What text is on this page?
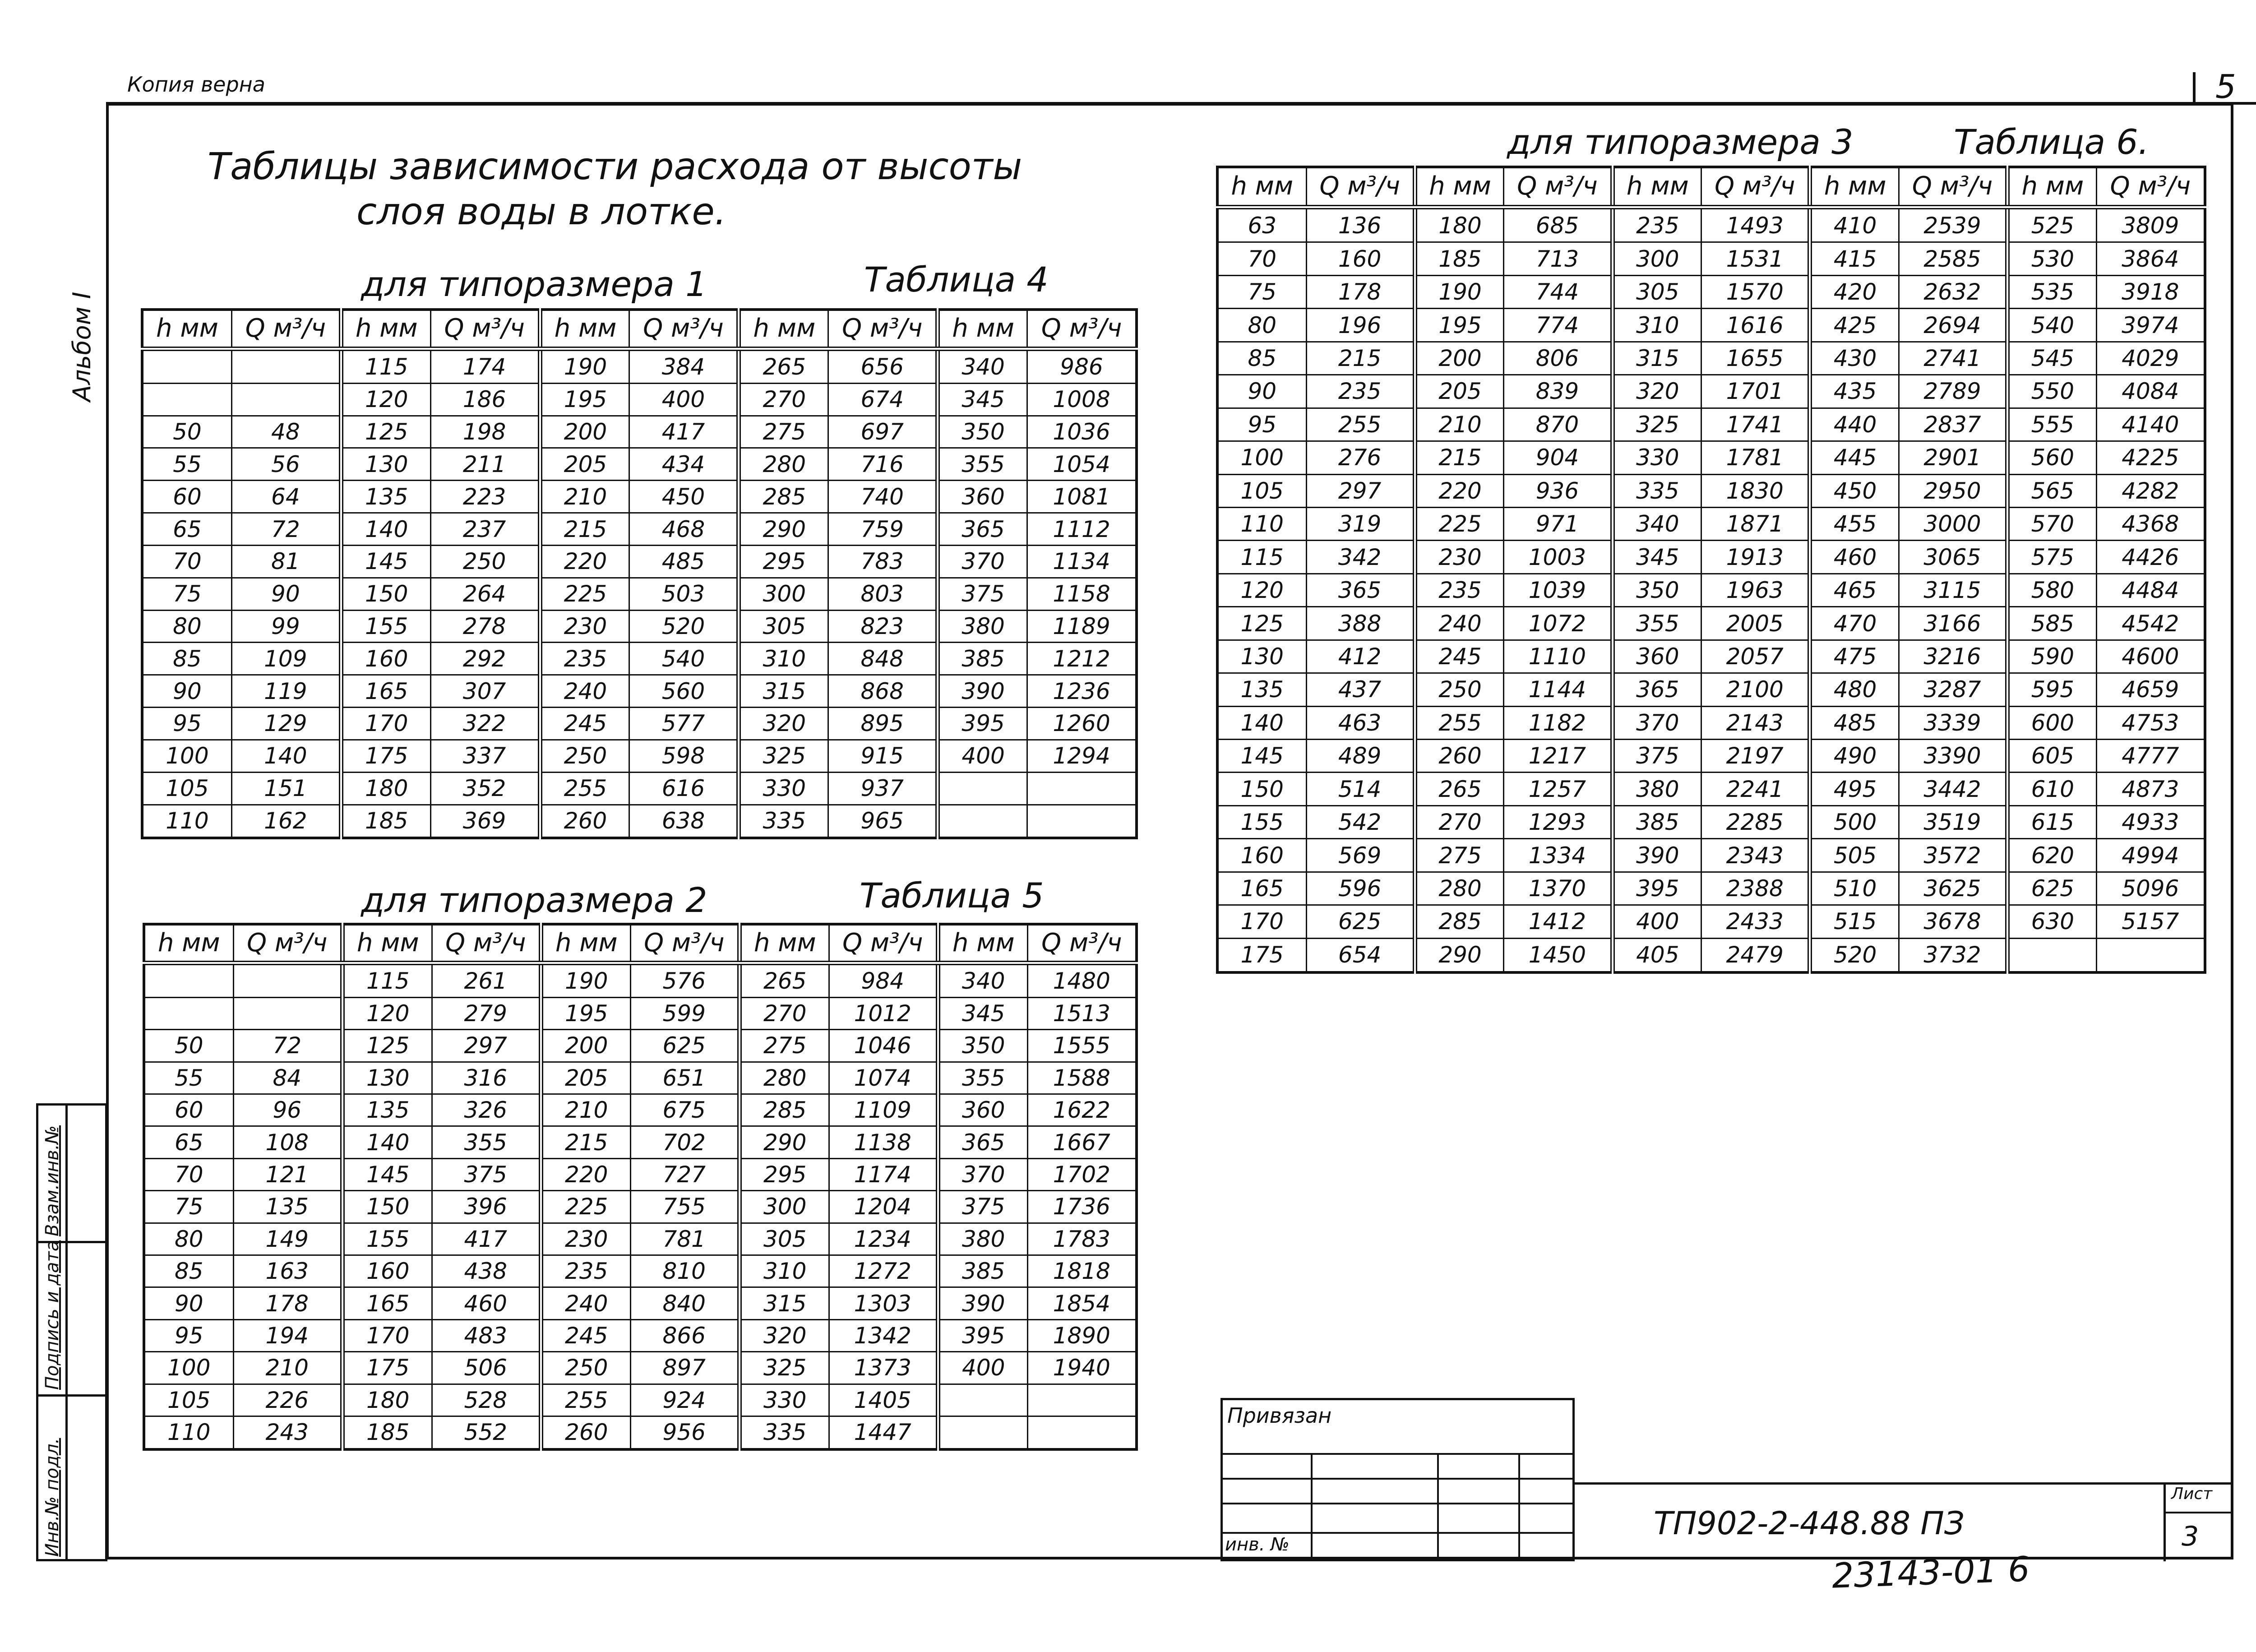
Копия верна	5
Альбом I
Взам.инв.№
Подпись и дата
Инв.№ подл.
Таблицы зависимости расхода от высоты
слоя воды в лотке.
для типоразмера 1	Таблица 4
h мм	Q м³/ч	h мм	Q м³/ч	h мм	Q м³/ч	h мм	Q м³/ч	h мм	Q м³/ч
		115	174	190	384	265	656	340	986
		120	186	195	400	270	674	345	1008
50	48	125	198	200	417	275	697	350	1036
55	56	130	211	205	434	280	716	355	1054
60	64	135	223	210	450	285	740	360	1081
65	72	140	237	215	468	290	759	365	1112
70	81	145	250	220	485	295	783	370	1134
75	90	150	264	225	503	300	803	375	1158
80	99	155	278	230	520	305	823	380	1189
85	109	160	292	235	540	310	848	385	1212
90	119	165	307	240	560	315	868	390	1236
95	129	170	322	245	577	320	895	395	1260
100	140	175	337	250	598	325	915	400	1294
105	151	180	352	255	616	330	937		
110	162	185	369	260	638	335	965		
для типоразмера 2	Таблица 5
h мм	Q м³/ч	h мм	Q м³/ч	h мм	Q м³/ч	h мм	Q м³/ч	h мм	Q м³/ч
		115	261	190	576	265	984	340	1480
		120	279	195	599	270	1012	345	1513
50	72	125	297	200	625	275	1046	350	1555
55	84	130	316	205	651	280	1074	355	1588
60	96	135	326	210	675	285	1109	360	1622
65	108	140	355	215	702	290	1138	365	1667
70	121	145	375	220	727	295	1174	370	1702
75	135	150	396	225	755	300	1204	375	1736
80	149	155	417	230	781	305	1234	380	1783
85	163	160	438	235	810	310	1272	385	1818
90	178	165	460	240	840	315	1303	390	1854
95	194	170	483	245	866	320	1342	395	1890
100	210	175	506	250	897	325	1373	400	1940
105	226	180	528	255	924	330	1405		
110	243	185	552	260	956	335	1447		
для типоразмера 3	Таблица 6.
h мм	Q м³/ч	h мм	Q м³/ч	h мм	Q м³/ч	h мм	Q м³/ч	h мм	Q м³/ч
63	136	180	685	235	1493	410	2539	525	3809
70	160	185	713	300	1531	415	2585	530	3864
75	178	190	744	305	1570	420	2632	535	3918
80	196	195	774	310	1616	425	2694	540	3974
85	215	200	806	315	1655	430	2741	545	4029
90	235	205	839	320	1701	435	2789	550	4084
95	255	210	870	325	1741	440	2837	555	4140
100	276	215	904	330	1781	445	2901	560	4225
105	297	220	936	335	1830	450	2950	565	4282
110	319	225	971	340	1871	455	3000	570	4368
115	342	230	1003	345	1913	460	3065	575	4426
120	365	235	1039	350	1963	465	3115	580	4484
125	388	240	1072	355	2005	470	3166	585	4542
130	412	245	1110	360	2057	475	3216	590	4600
135	437	250	1144	365	2100	480	3287	595	4659
140	463	255	1182	370	2143	485	3339	600	4753
145	489	260	1217	375	2197	490	3390	605	4777
150	514	265	1257	380	2241	495	3442	610	4873
155	542	270	1293	385	2285	500	3519	615	4933
160	569	275	1334	390	2343	505	3572	620	4994
165	596	280	1370	395	2388	510	3625	625	5096
170	625	285	1412	400	2433	515	3678	630	5157
175	654	290	1450	405	2479	520	3732		
Привязан
инв. №
ТП902-2-448.88 ПЗ
Лист
3
23143-01 6
